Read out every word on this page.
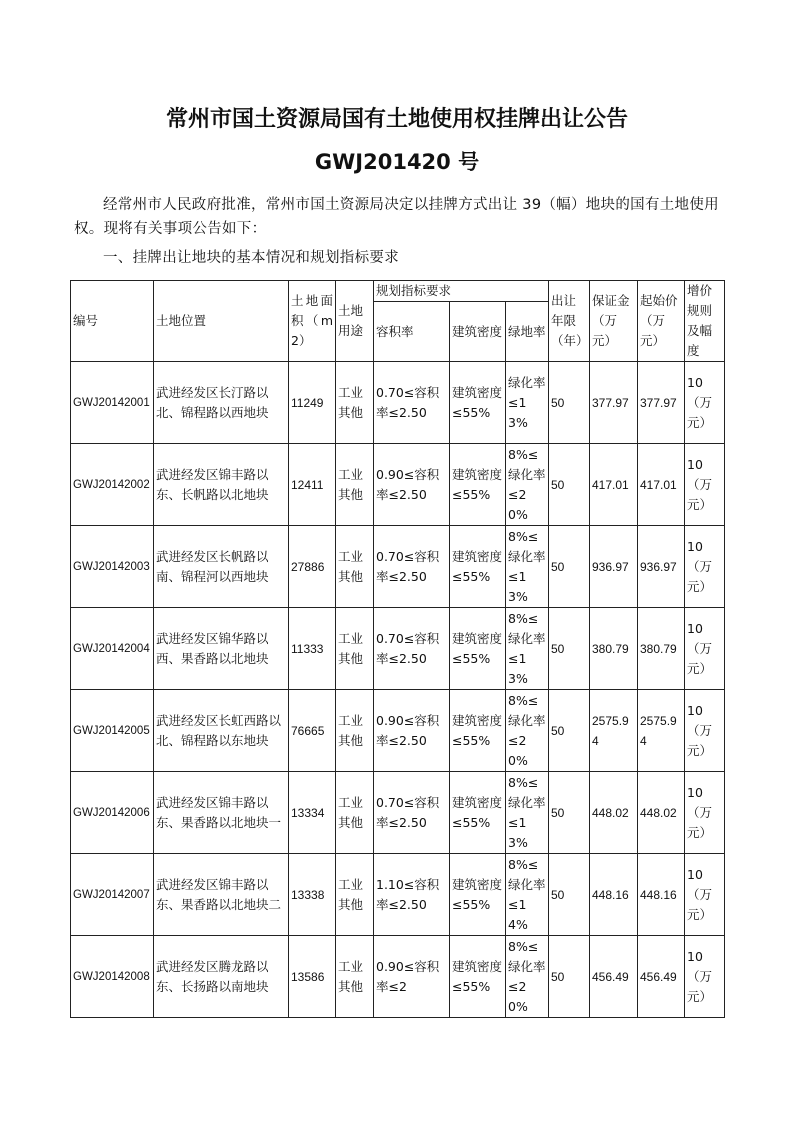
常州市国土资源局国有土地使用权挂牌出让公告
GWJ201420 号
经常州市人民政府批准，常州市国土资源局决定以挂牌方式出让 39（幅）地块的国有土地使用权。现将有关事项公告如下：
一、挂牌出让地块的基本情况和规划指标要求
编号	土地位置	土地面积（m2）	土地用途	规划指标要求			出让年限（年）	保证金（万元）	起始价（万元）	增价规则及幅度
				容积率	建筑密度	绿地率				
GWJ20142001	武进经发区长汀路以北、锦程路以西地块	11249	工业其他	0.70≤容积率≤2.50	建筑密度≤55%	绿化率≤13%	50	377.97	377.97	10（万元）
GWJ20142002	武进经发区锦丰路以东、长帆路以北地块	12411	工业其他	0.90≤容积率≤2.50	建筑密度≤55%	8%≤绿化率≤20%	50	417.01	417.01	10（万元）
GWJ20142003	武进经发区长帆路以南、锦程河以西地块	27886	工业其他	0.70≤容积率≤2.50	建筑密度≤55%	8%≤绿化率≤13%	50	936.97	936.97	10（万元）
GWJ20142004	武进经发区锦华路以西、果香路以北地块	11333	工业其他	0.70≤容积率≤2.50	建筑密度≤55%	8%≤绿化率≤13%	50	380.79	380.79	10（万元）
GWJ20142005	武进经发区长虹西路以北、锦程路以东地块	76665	工业其他	0.90≤容积率≤2.50	建筑密度≤55%	8%≤绿化率≤20%	50	2575.94	2575.94	10（万元）
GWJ20142006	武进经发区锦丰路以东、果香路以北地块一	13334	工业其他	0.70≤容积率≤2.50	建筑密度≤55%	8%≤绿化率≤13%	50	448.02	448.02	10（万元）
GWJ20142007	武进经发区锦丰路以东、果香路以北地块二	13338	工业其他	1.10≤容积率≤2.50	建筑密度≤55%	8%≤绿化率≤14%	50	448.16	448.16	10（万元）
GWJ20142008	武进经发区腾龙路以东、长扬路以南地块	13586	工业其他	0.90≤容积率≤2	建筑密度≤55%	8%≤绿化率≤20%	50	456.49	456.49	10（万元）
